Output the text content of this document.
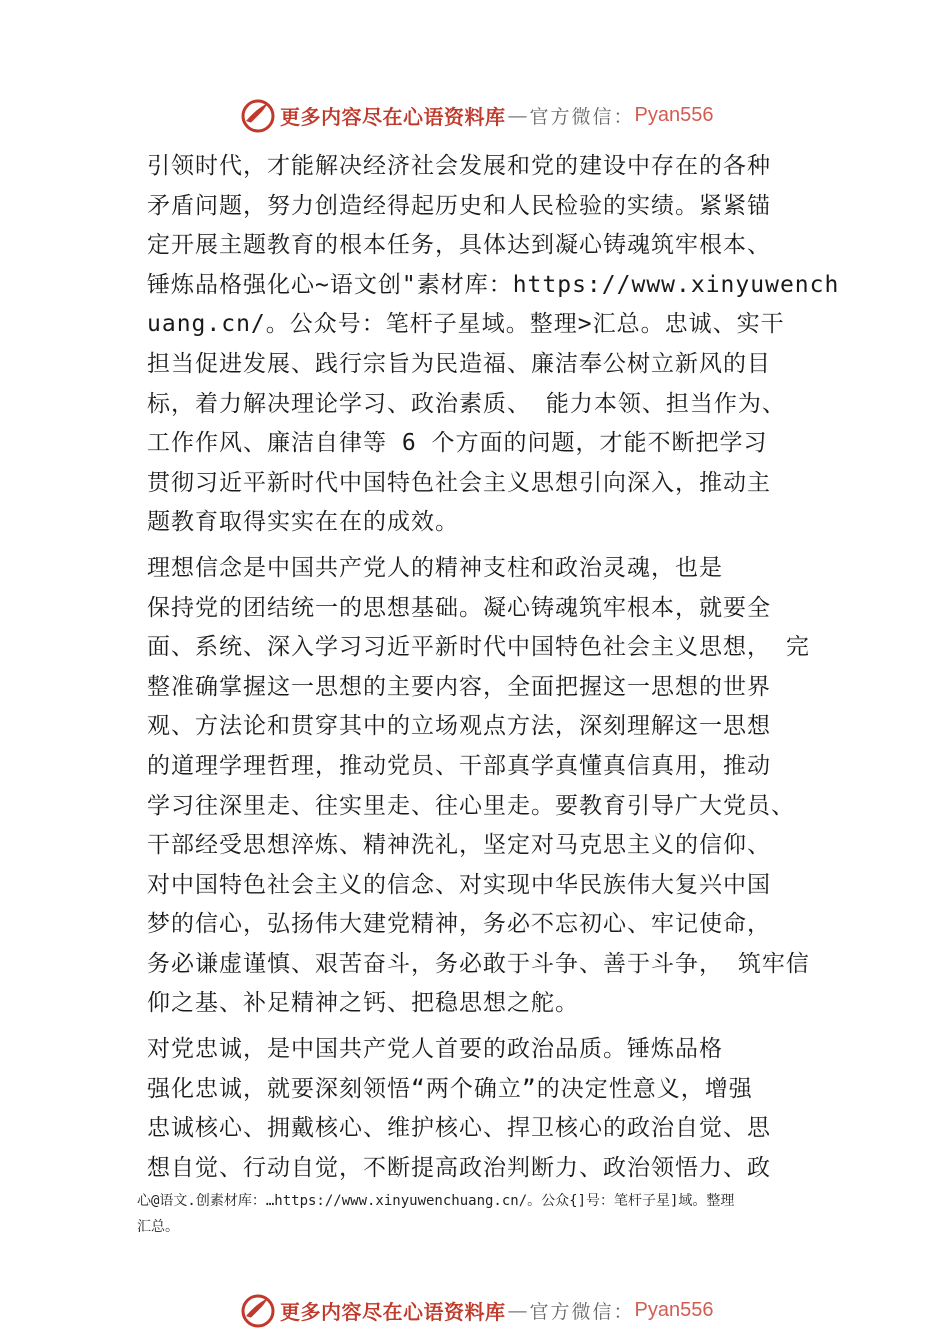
更多内容尽在心语资料库 — 官方微信： Pyan556
引领时代，才能解决经济社会发展和党的建设中存在的各种
矛盾问题，努力创造经得起历史和人民检验的实绩。紧紧锚
定开展主题教育的根本任务，具体达到凝心铸魂筑牢根本、
锤炼品格强化心~语文创"素材库：https://www.xinyuwench
uang.cn/。公众号：笔杆子星域。整理>汇总。忠诚、实干
担当促进发展、践行宗旨为民造福、廉洁奉公树立新风的目
标，着力解决理论学习、政治素质、 能力本领、担当作为、
工作作风、廉洁自律等 6 个方面的问题，才能不断把学习
贯彻习近平新时代中国特色社会主义思想引向深入，推动主
题教育取得实实在在的成效。
理想信念是中国共产党人的精神支柱和政治灵魂，也是
保持党的团结统一的思想基础。凝心铸魂筑牢根本，就要全
面、系统、深入学习习近平新时代中国特色社会主义思想， 完
整准确掌握这一思想的主要内容，全面把握这一思想的世界
观、方法论和贯穿其中的立场观点方法，深刻理解这一思想
的道理学理哲理，推动党员、干部真学真懂真信真用，推动
学习往深里走、往实里走、往心里走。要教育引导广大党员、
干部经受思想淬炼、精神洗礼，坚定对马克思主义的信仰、
对中国特色社会主义的信念、对实现中华民族伟大复兴中国
梦的信心，弘扬伟大建党精神，务必不忘初心、牢记使命，
务必谦虚谨慎、艰苦奋斗，务必敢于斗争、善于斗争， 筑牢信
仰之基、补足精神之钙、把稳思想之舵。
对党忠诚，是中国共产党人首要的政治品质。锤炼品格
强化忠诚，就要深刻领悟“两个确立”的决定性意义，增强
忠诚核心、拥戴核心、维护核心、捍卫核心的政治自觉、思
想自觉、行动自觉，不断提高政治判断力、政治领悟力、政
心@语文.创素材库：…https://www.xinyuwenchuang.cn/。公众{]号：笔杆子星]域。整理
汇总。
更多内容尽在心语资料库 — 官方微信： Pyan556
